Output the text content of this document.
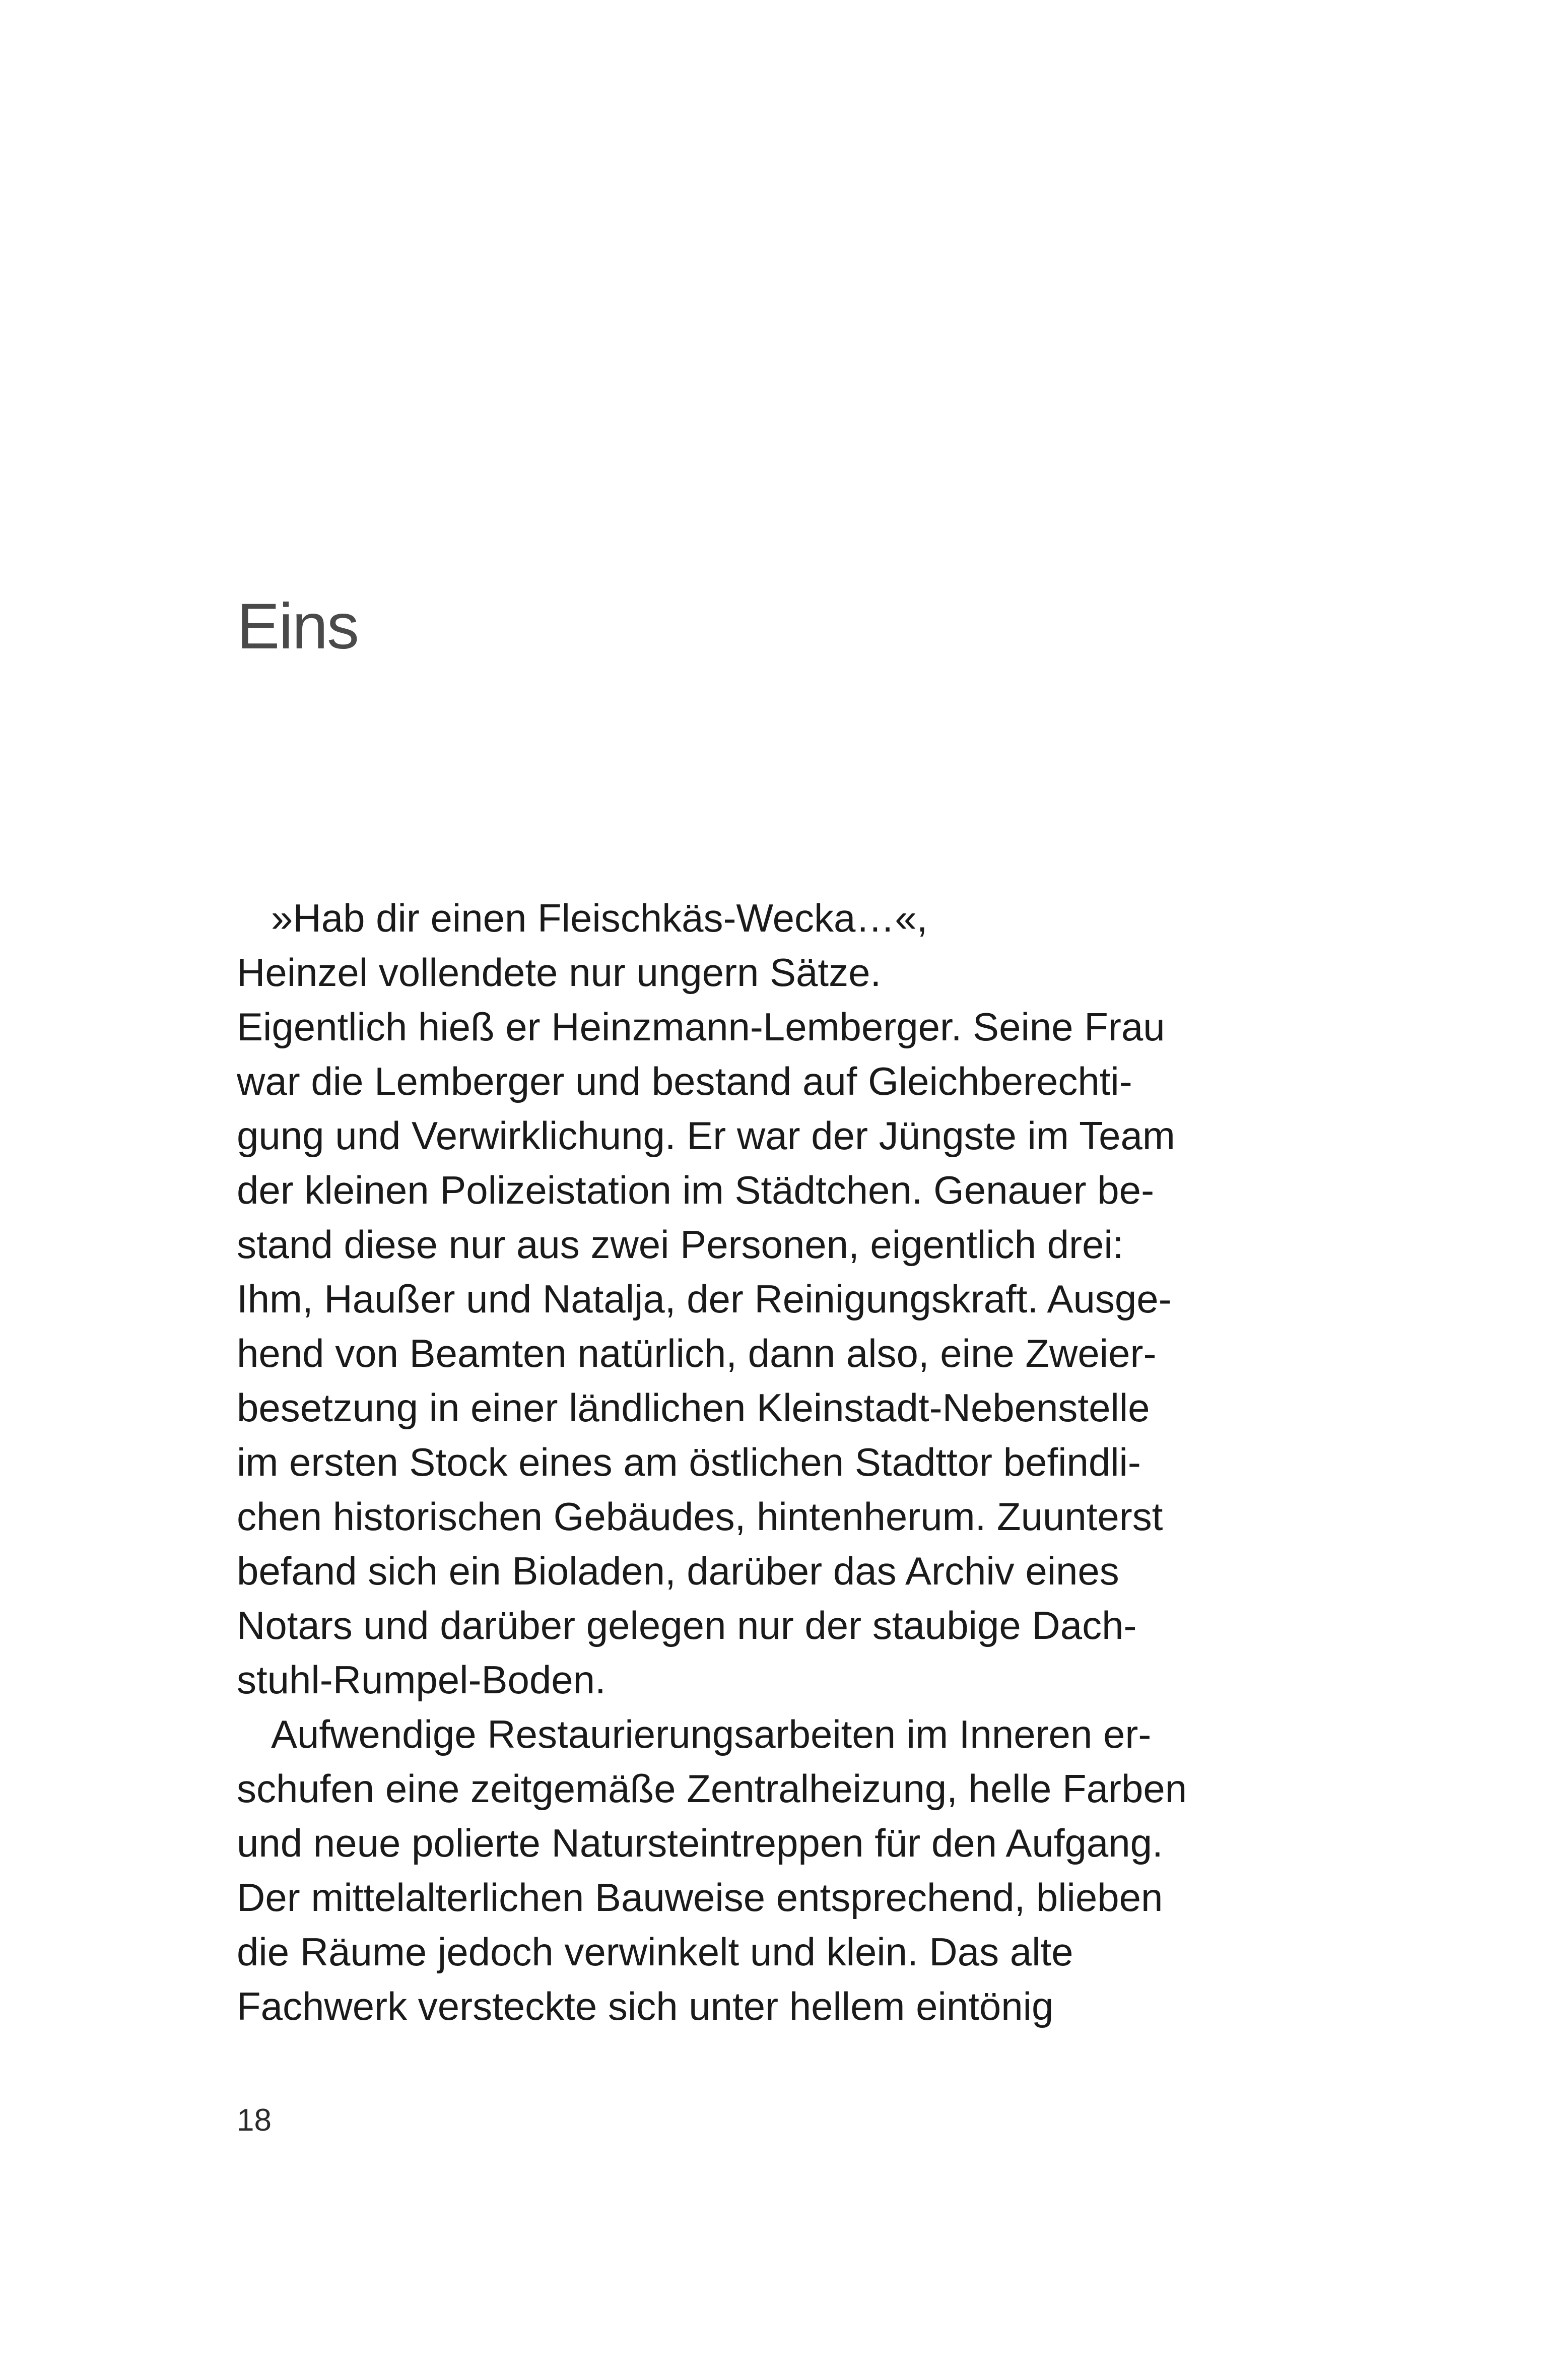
Eins
»Hab dir einen Fleischkäs-Wecka…«,
Heinzel vollendete nur ungern Sätze.
Eigentlich hieß er Heinzmann-Lemberger. Seine Frau
war die Lemberger und bestand auf Gleichberechti-
gung und Verwirklichung. Er war der Jüngste im Team
der kleinen Polizeistation im Städtchen. Genauer be-
stand diese nur aus zwei Personen, eigentlich drei:
Ihm, Haußer und Natalja, der Reinigungskraft. Ausge-
hend von Beamten natürlich, dann also, eine Zweier-
besetzung in einer ländlichen Kleinstadt-Nebenstelle
im ersten Stock eines am östlichen Stadttor befindli-
chen historischen Gebäudes, hintenherum. Zuunterst
befand sich ein Bioladen, darüber das Archiv eines
Notars und darüber gelegen nur der staubige Dach-
stuhl-Rumpel-Boden.
Aufwendige Restaurierungsarbeiten im Inneren er-
schufen eine zeitgemäße Zentralheizung, helle Farben
und neue polierte Natursteintreppen für den Aufgang.
Der mittelalterlichen Bauweise entsprechend, blieben
die Räume jedoch verwinkelt und klein. Das alte
Fachwerk versteckte sich unter hellem eintönig
18
